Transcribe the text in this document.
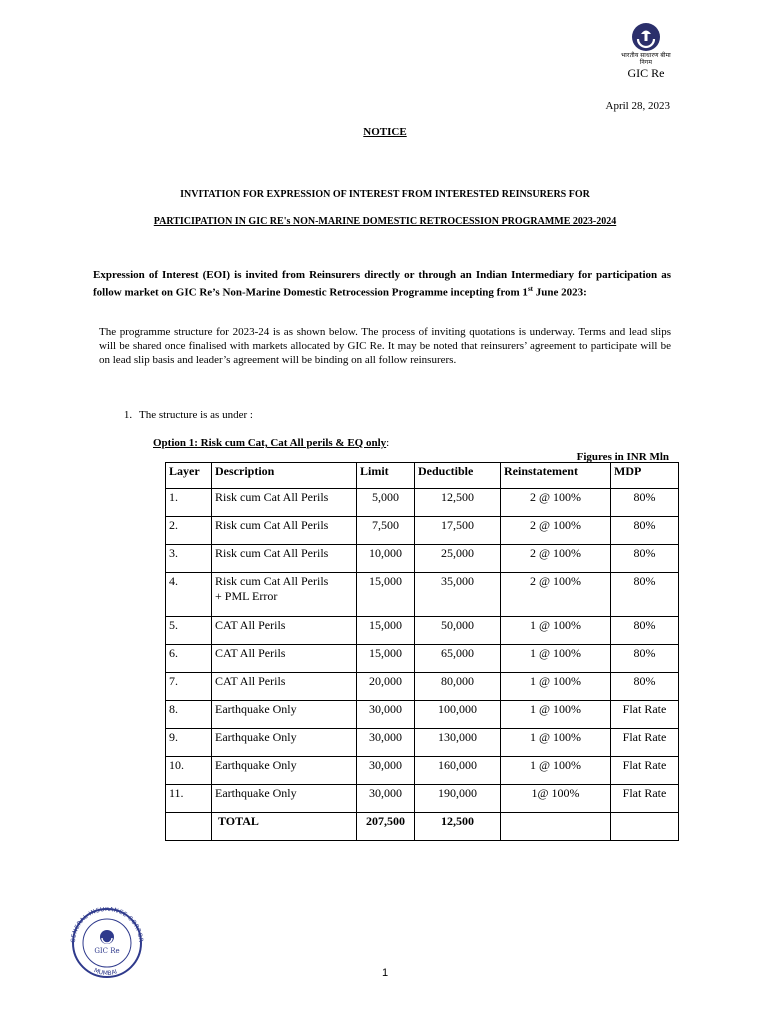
भारतीय साधारण बीमा निगम
GIC Re
April 28, 2023
NOTICE
INVITATION FOR EXPRESSION OF INTEREST FROM INTERESTED REINSURERS FOR
PARTICIPATION IN GIC RE's NON-MARINE DOMESTIC RETROCESSION PROGRAMME 2023-2024
Expression of Interest (EOI) is invited from Reinsurers directly or through an Indian Intermediary for participation as follow market on GIC Re’s Non-Marine Domestic Retrocession Programme incepting from 1st June 2023:
The programme structure for 2023-24 is as shown below. The process of inviting quotations is underway. Terms and lead slips will be shared once finalised with markets allocated by GIC Re. It may be noted that reinsurers’ agreement to participate will be on lead slip basis and leader’s agreement will be binding on all follow reinsurers.
1. The structure is as under :
Option 1: Risk cum Cat, Cat All perils & EQ only:
Figures in INR Mln
Layer	Description	Limit	Deductible	Reinstatement	MDP
1.	Risk cum Cat All Perils	5,000	12,500	2 @ 100%	80%
2.	Risk cum Cat All Perils	7,500	17,500	2 @ 100%	80%
3.	Risk cum Cat All Perils	10,000	25,000	2 @ 100%	80%
4.	Risk cum Cat All Perils
+ PML Error	15,000	35,000	2 @ 100%	80%
5.	CAT All Perils	15,000	50,000	1 @ 100%	80%
6.	CAT All Perils	15,000	65,000	1 @ 100%	80%
7.	CAT All Perils	20,000	80,000	1 @ 100%	80%
8.	Earthquake Only	30,000	100,000	1 @ 100%	Flat Rate
9.	Earthquake Only	30,000	130,000	1 @ 100%	Flat Rate
10.	Earthquake Only	30,000	160,000	1 @ 100%	Flat Rate
11.	Earthquake Only	30,000	190,000	1@ 100%	Flat Rate
	TOTAL	207,500	12,500		
GENERAL INSURANCE CORPOR
MUMBAI
GIC Re
1
